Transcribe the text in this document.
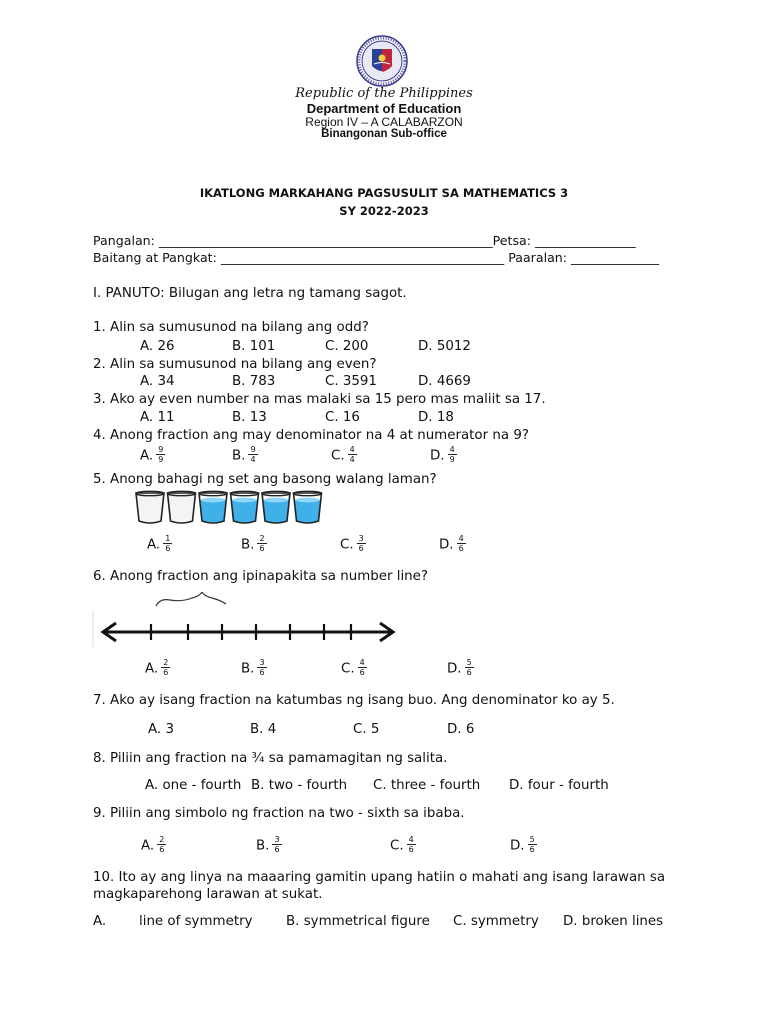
Republic of the Philippines
Department of Education
Region IV – A CALABARZON
Binangonan Sub-office
IKATLONG MARKAHANG PAGSUSULIT SA MATHEMATICS 3
SY 2022-2023
Pangalan: _____________________________________________________Petsa: ________________
Baitang at Pangkat: _____________________________________________ Paaralan: ______________
I. PANUTO: Bilugan ang letra ng tamang sagot.
1. Alin sa sumusunod na bilang ang odd?
A. 26	B. 101	C. 200	D. 5012
2. Alin sa sumusunod na bilang ang even?
A. 34	B. 783	C. 3591	D. 4669
3. Ako ay even number na mas malaki sa 15 pero mas maliit sa 17.
A. 11	B. 13	C. 16	D. 18
4. Anong fraction ang may denominator na 4 at numerator na 9?
A. $\frac{9}{9}$	B. $\frac{9}{4}$	C. $\frac{4}{4}$	D. $\frac{4}{9}$
5. Anong bahagi ng set ang basong walang laman?
A. $\frac{1}{6}$	B. $\frac{2}{6}$	C. $\frac{3}{6}$	D. $\frac{4}{6}$
6. Anong fraction ang ipinapakita sa number line?
A. $\frac{2}{6}$	B. $\frac{3}{6}$	C. $\frac{4}{6}$	D. $\frac{5}{6}$
7. Ako ay isang fraction na katumbas ng isang buo. Ang denominator ko ay 5.
A. 3	B. 4	C. 5	D. 6
8. Piliin ang fraction na ¾ sa pamamagitan ng salita.
A. one - fourth B. two - fourth C. three - fourth D. four - fourth
9. Piliin ang simbolo ng fraction na two - sixth sa ibaba.
A. $\frac{2}{6}$	B. $\frac{3}{6}$	C. $\frac{4}{6}$	D. $\frac{5}{6}$
10. Ito ay ang linya na maaaring gamitin upang hatiin o mahati ang isang larawan sa
magkaparehong larawan at sukat.
A. line of symmetry	B. symmetrical figure C. symmetry D. broken lines
